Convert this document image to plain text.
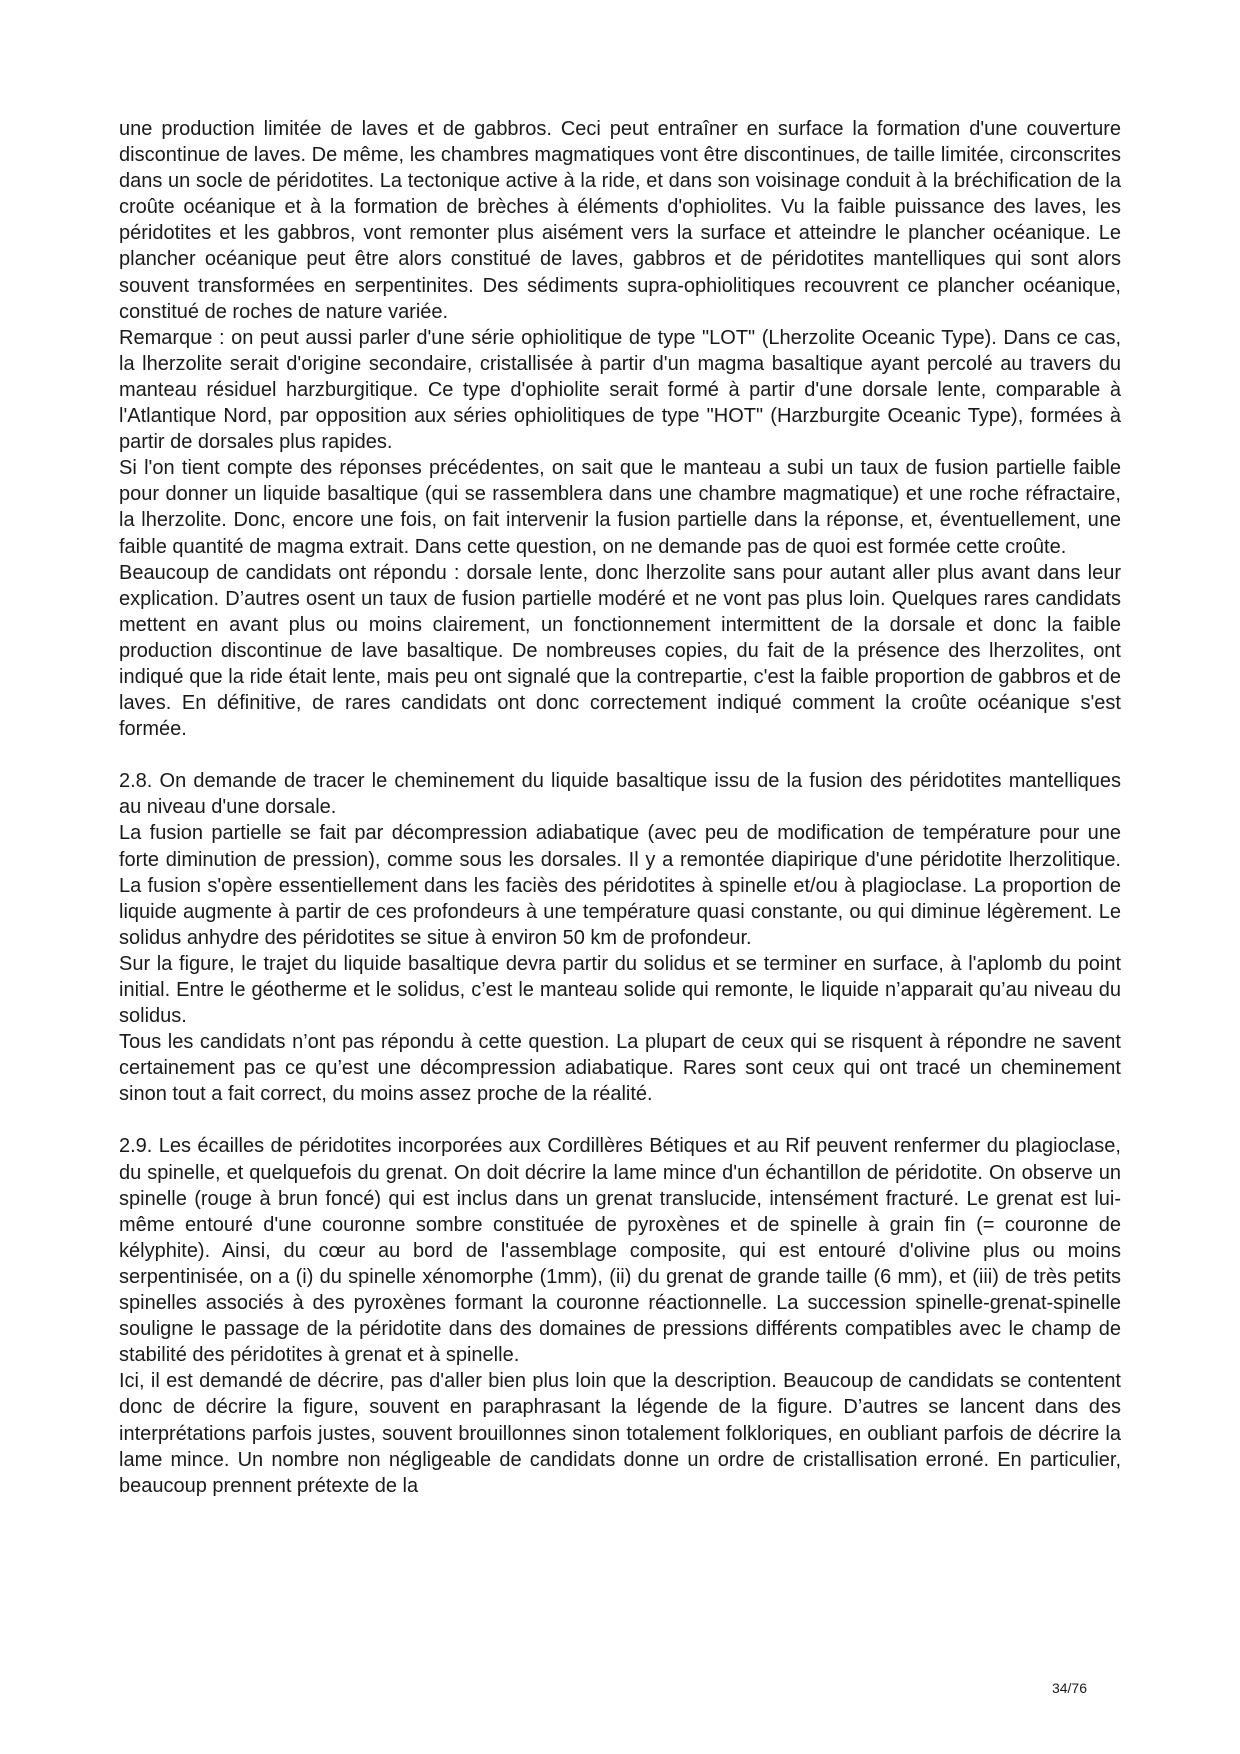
une production limitée de laves et de gabbros. Ceci peut entraîner en surface la formation d'une couverture discontinue de laves. De même, les chambres magmatiques vont être discontinues, de taille limitée, circonscrites dans un socle de péridotites. La tectonique active à la ride, et dans son voisinage conduit à la bréchification de la croûte océanique et à la formation de brèches à éléments d'ophiolites. Vu la faible puissance des laves, les péridotites et les gabbros, vont remonter plus aisément vers la surface et atteindre le plancher océanique. Le plancher océanique peut être alors constitué de laves, gabbros et de péridotites mantelliques qui sont alors souvent transformées en serpentinites. Des sédiments supra-ophiolitiques recouvrent ce plancher océanique, constitué de roches de nature variée.

Remarque : on peut aussi parler d'une série ophiolitique de type "LOT" (Lherzolite Oceanic Type). Dans ce cas, la lherzolite serait d'origine secondaire, cristallisée à partir d'un magma basaltique ayant percolé au travers du manteau résiduel harzburgitique. Ce type d'ophiolite serait formé à partir d'une dorsale lente, comparable à l'Atlantique Nord, par opposition aux séries ophiolitiques de type "HOT" (Harzburgite Oceanic Type), formées à partir de dorsales plus rapides.

Si l'on tient compte des réponses précédentes, on sait que le manteau a subi un taux de fusion partielle faible pour donner un liquide basaltique (qui se rassemblera dans une chambre magmatique) et une roche réfractaire, la lherzolite. Donc, encore une fois, on fait intervenir la fusion partielle dans la réponse, et, éventuellement, une faible quantité de magma extrait. Dans cette question, on ne demande pas de quoi est formée cette croûte.

Beaucoup de candidats ont répondu : dorsale lente, donc lherzolite sans pour autant aller plus avant dans leur explication. D’autres osent un taux de fusion partielle modéré et ne vont pas plus loin. Quelques rares candidats mettent en avant plus ou moins clairement, un fonctionnement intermittent de la dorsale et donc la faible production discontinue de lave basaltique. De nombreuses copies, du fait de la présence des lherzolites, ont indiqué que la ride était lente, mais peu ont signalé que la contrepartie, c'est la faible proportion de gabbros et de laves. En définitive, de rares candidats ont donc correctement indiqué comment la croûte océanique s'est formée.

2.8. On demande de tracer le cheminement du liquide basaltique issu de la fusion des péridotites mantelliques au niveau d'une dorsale.

La fusion partielle se fait par décompression adiabatique (avec peu de modification de température pour une forte diminution de pression), comme sous les dorsales. Il y a remontée diapirique d'une péridotite lherzolitique. La fusion s'opère essentiellement dans les faciès des péridotites à spinelle et/ou à plagioclase. La proportion de liquide augmente à partir de ces profondeurs à une température quasi constante, ou qui diminue légèrement. Le solidus anhydre des péridotites se situe à environ 50 km de profondeur.

Sur la figure, le trajet du liquide basaltique devra partir du solidus et se terminer en surface, à l'aplomb du point initial. Entre le géotherme et le solidus, c’est le manteau solide qui remonte, le liquide n’apparait qu’au niveau du solidus.

Tous les candidats n’ont pas répondu à cette question. La plupart de ceux qui se risquent à répondre ne savent certainement pas ce qu’est une décompression adiabatique. Rares sont ceux qui ont tracé un cheminement sinon tout a fait correct, du moins assez proche de la réalité.

2.9. Les écailles de péridotites incorporées aux Cordillères Bétiques et au Rif peuvent renfermer du plagioclase, du spinelle, et quelquefois du grenat. On doit décrire la lame mince d'un échantillon de péridotite. On observe un spinelle (rouge à brun foncé) qui est inclus dans un grenat translucide, intensément fracturé. Le grenat est lui-même entouré d'une couronne sombre constituée de pyroxènes et de spinelle à grain fin (= couronne de kélyphite). Ainsi, du cœur au bord de l'assemblage composite, qui est entouré d'olivine plus ou moins serpentinisée, on a (i) du spinelle xénomorphe (1mm), (ii) du grenat de grande taille (6 mm), et (iii) de très petits spinelles associés à des pyroxènes formant la couronne réactionnelle. La succession spinelle-grenat-spinelle souligne le passage de la péridotite dans des domaines de pressions différents compatibles avec le champ de stabilité des péridotites à grenat et à spinelle.

Ici, il est demandé de décrire, pas d'aller bien plus loin que la description. Beaucoup de candidats se contentent donc de décrire la figure, souvent en paraphrasant la légende de la figure. D’autres se lancent dans des interprétations parfois justes, souvent brouillonnes sinon totalement folkloriques, en oubliant parfois de décrire la lame mince. Un nombre non négligeable de candidats donne un ordre de cristallisation erroné. En particulier, beaucoup prennent prétexte de la

34/76
